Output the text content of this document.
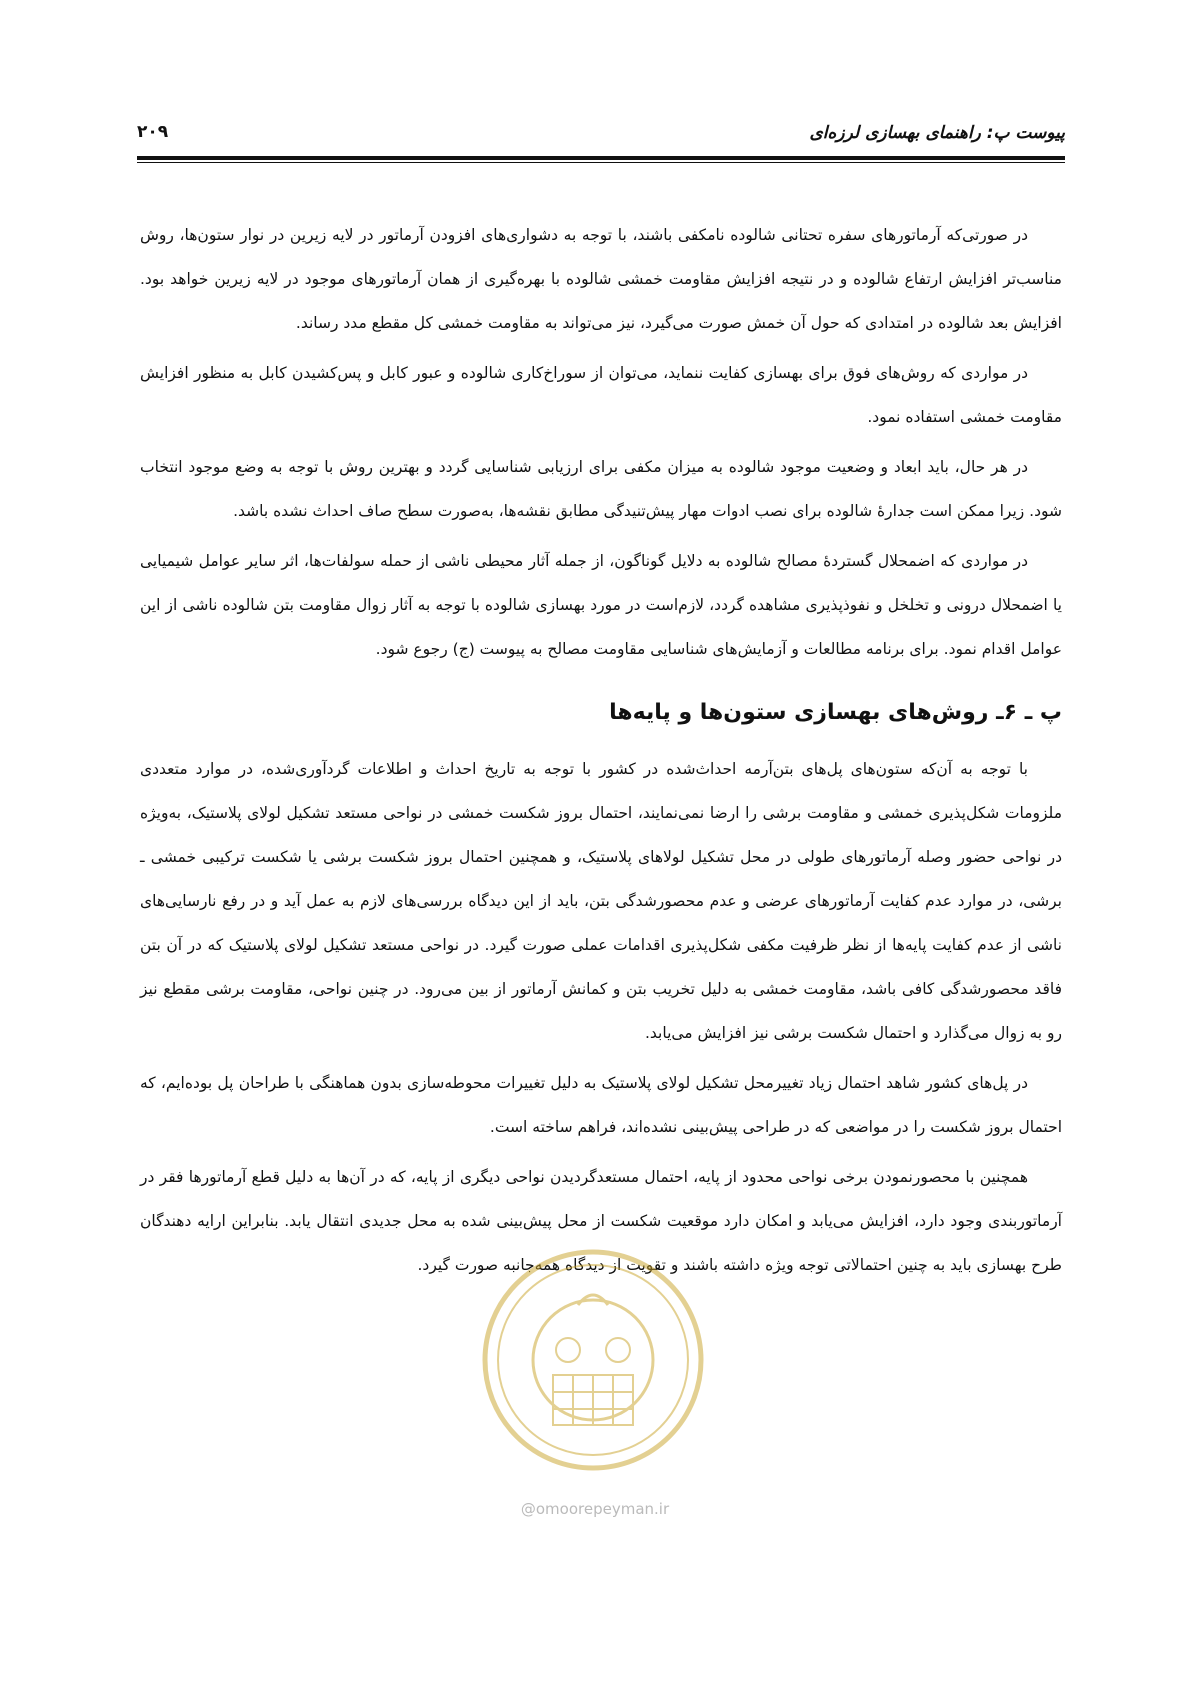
پیوست پ: راهنمای بهسازی لرزه‌ای
۲۰۹

در صورتی‌که آرماتورهای سفره تحتانی شالوده نامکفی باشند، با توجه به دشواری‌های افزودن آرماتور در لایه زیرین در نوار ستون‌ها، روش مناسب‌تر افزایش ارتفاع شالوده و در نتیجه افزایش مقاومت خمشی شالوده با بهره‌گیری از همان آرماتورهای موجود در لایه زیرین خواهد بود. افزایش بعد شالوده در امتدادی که حول آن خمش صورت می‌گیرد، نیز می‌تواند به مقاومت خمشی کل مقطع مدد رساند.

در مواردی که روش‌های فوق برای بهسازی کفایت ننماید، می‌توان از سوراخ‌کاری شالوده و عبور کابل و پس‌کشیدن کابل به منظور افزایش مقاومت خمشی استفاده نمود.

در هر حال، باید ابعاد و وضعیت موجود شالوده به میزان مکفی برای ارزیابی شناسایی گردد و بهترین روش با توجه به وضع موجود انتخاب شود. زیرا ممکن است جدارهٔ شالوده برای نصب ادوات مهار پیش‌تنیدگی مطابق نقشه‌ها، به‌صورت سطح صاف احداث نشده باشد.

در مواردی که اضمحلال گستردهٔ مصالح شالوده به دلایل گوناگون، از جمله آثار محیطی ناشی از حمله سولفات‌ها، اثر سایر عوامل شیمیایی یا اضمحلال درونی و تخلخل و نفوذپذیری مشاهده گردد، لازم‌است در مورد بهسازی شالوده با توجه به آثار زوال مقاومت بتن شالوده ناشی از این عوامل اقدام نمود. برای برنامه مطالعات و آزمایش‌های شناسایی مقاومت مصالح به پیوست (ج) رجوع شود.

پ ـ ۶ـ روش‌های بهسازی ستون‌ها و پایه‌ها

با توجه به آن‌که ستون‌های پل‌های بتن‌آرمه احداث‌شده در کشور با توجه به تاریخ احداث و اطلاعات گردآوری‌شده، در موارد متعددی ملزومات شکل‌پذیری خمشی و مقاومت برشی را ارضا نمی‌نمایند، احتمال بروز شکست خمشی در نواحی مستعد تشکیل لولای پلاستیک، به‌ویژه در نواحی حضور وصله آرماتورهای طولی در محل تشکیل لولاهای پلاستیک، و همچنین احتمال بروز شکست برشی یا شکست ترکیبی خمشی ـ برشی، در موارد عدم کفایت آرماتورهای عرضی و عدم محصورشدگی بتن، باید از این دیدگاه بررسی‌های لازم به عمل آید و در رفع نارسایی‌های ناشی از عدم کفایت پایه‌ها از نظر ظرفیت مکفی شکل‌پذیری اقدامات عملی صورت گیرد. در نواحی مستعد تشکیل لولای پلاستیک که در آن بتن فاقد محصورشدگی کافی باشد، مقاومت خمشی به دلیل تخریب بتن و کمانش آرماتور از بین می‌رود. در چنین نواحی، مقاومت برشی مقطع نیز رو به زوال می‌گذارد و احتمال شکست برشی نیز افزایش می‌یابد.

در پل‌های کشور شاهد احتمال زیاد تغییرمحل تشکیل لولای پلاستیک به دلیل تغییرات محوطه‌سازی بدون هماهنگی با طراحان پل بوده‌ایم، که احتمال بروز شکست را در مواضعی که در طراحی پیش‌بینی نشده‌اند، فراهم ساخته است.

همچنین با محصورنمودن برخی نواحی محدود از پایه، احتمال مستعدگردیدن نواحی دیگری از پایه، که در آن‌ها به دلیل قطع آرماتورها فقر در آرماتوربندی وجود دارد، افزایش می‌یابد و امکان دارد موقعیت شکست از محل پیش‌بینی شده به محل جدیدی انتقال یابد. بنابراین ارایه دهندگان طرح بهسازی باید به چنین احتمالاتی توجه ویژه داشته باشند و تقویت از دیدگاه همه‌جانبه صورت گیرد.

@omoorepeyman.ir
